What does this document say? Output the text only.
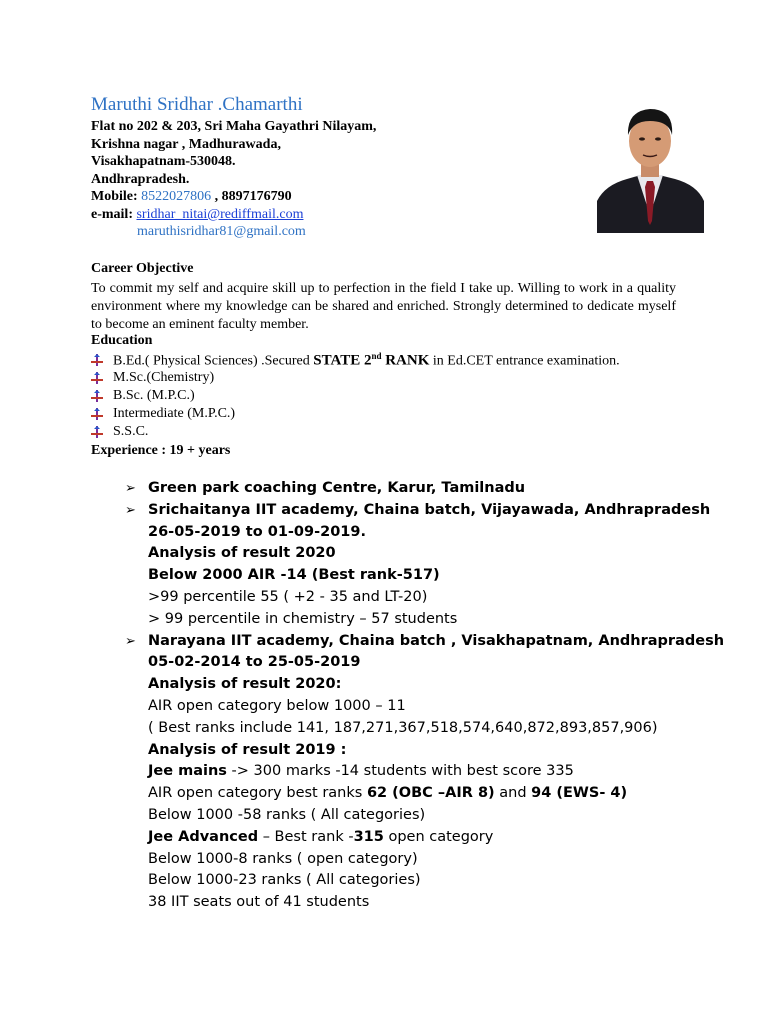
Maruthi Sridhar .Chamarthi
Flat no 202 & 203, Sri Maha Gayathri Nilayam,
Krishna nagar , Madhurawada,
Visakhapatnam-530048.
Andhrapradesh.
Mobile: 8522027806 , 8897176790
e-mail: sridhar_nitai@rediffmail.com
maruthisridhar81@gmail.com
Career Objective
To commit my self and acquire skill up to perfection in the field I take up. Willing to work in a quality environment where my knowledge can be shared and enriched. Strongly determined to dedicate myself to become an eminent faculty member.
Education
B.Ed.( Physical Sciences) .Secured STATE 2nd RANK in Ed.CET entrance examination.
M.Sc.(Chemistry)
B.Sc. (M.P.C.)
Intermediate (M.P.C.)
S.S.C.
Experience : 19 + years
➢ Green park coaching Centre, Karur, Tamilnadu
➢ Srichaitanya IIT academy, Chaina batch, Vijayawada, Andhrapradesh
26-05-2019 to 01-09-2019.
Analysis of result 2020
Below 2000 AIR -14 (Best rank-517)
>99 percentile 55 ( +2 - 35 and LT-20)
> 99 percentile in chemistry – 57 students
➢ Narayana IIT academy, Chaina batch , Visakhapatnam, Andhrapradesh
05-02-2014 to 25-05-2019
Analysis of result 2020:
AIR open category below 1000 – 11
( Best ranks include 141, 187,271,367,518,574,640,872,893,857,906)
Analysis of result 2019 :
Jee mains -> 300 marks -14 students with best score 335
AIR open category best ranks 62 (OBC –AIR 8) and 94 (EWS- 4)
Below 1000 -58 ranks ( All categories)
Jee Advanced – Best rank -315 open category
Below 1000-8 ranks ( open category)
Below 1000-23 ranks ( All categories)
38 IIT seats out of 41 students
